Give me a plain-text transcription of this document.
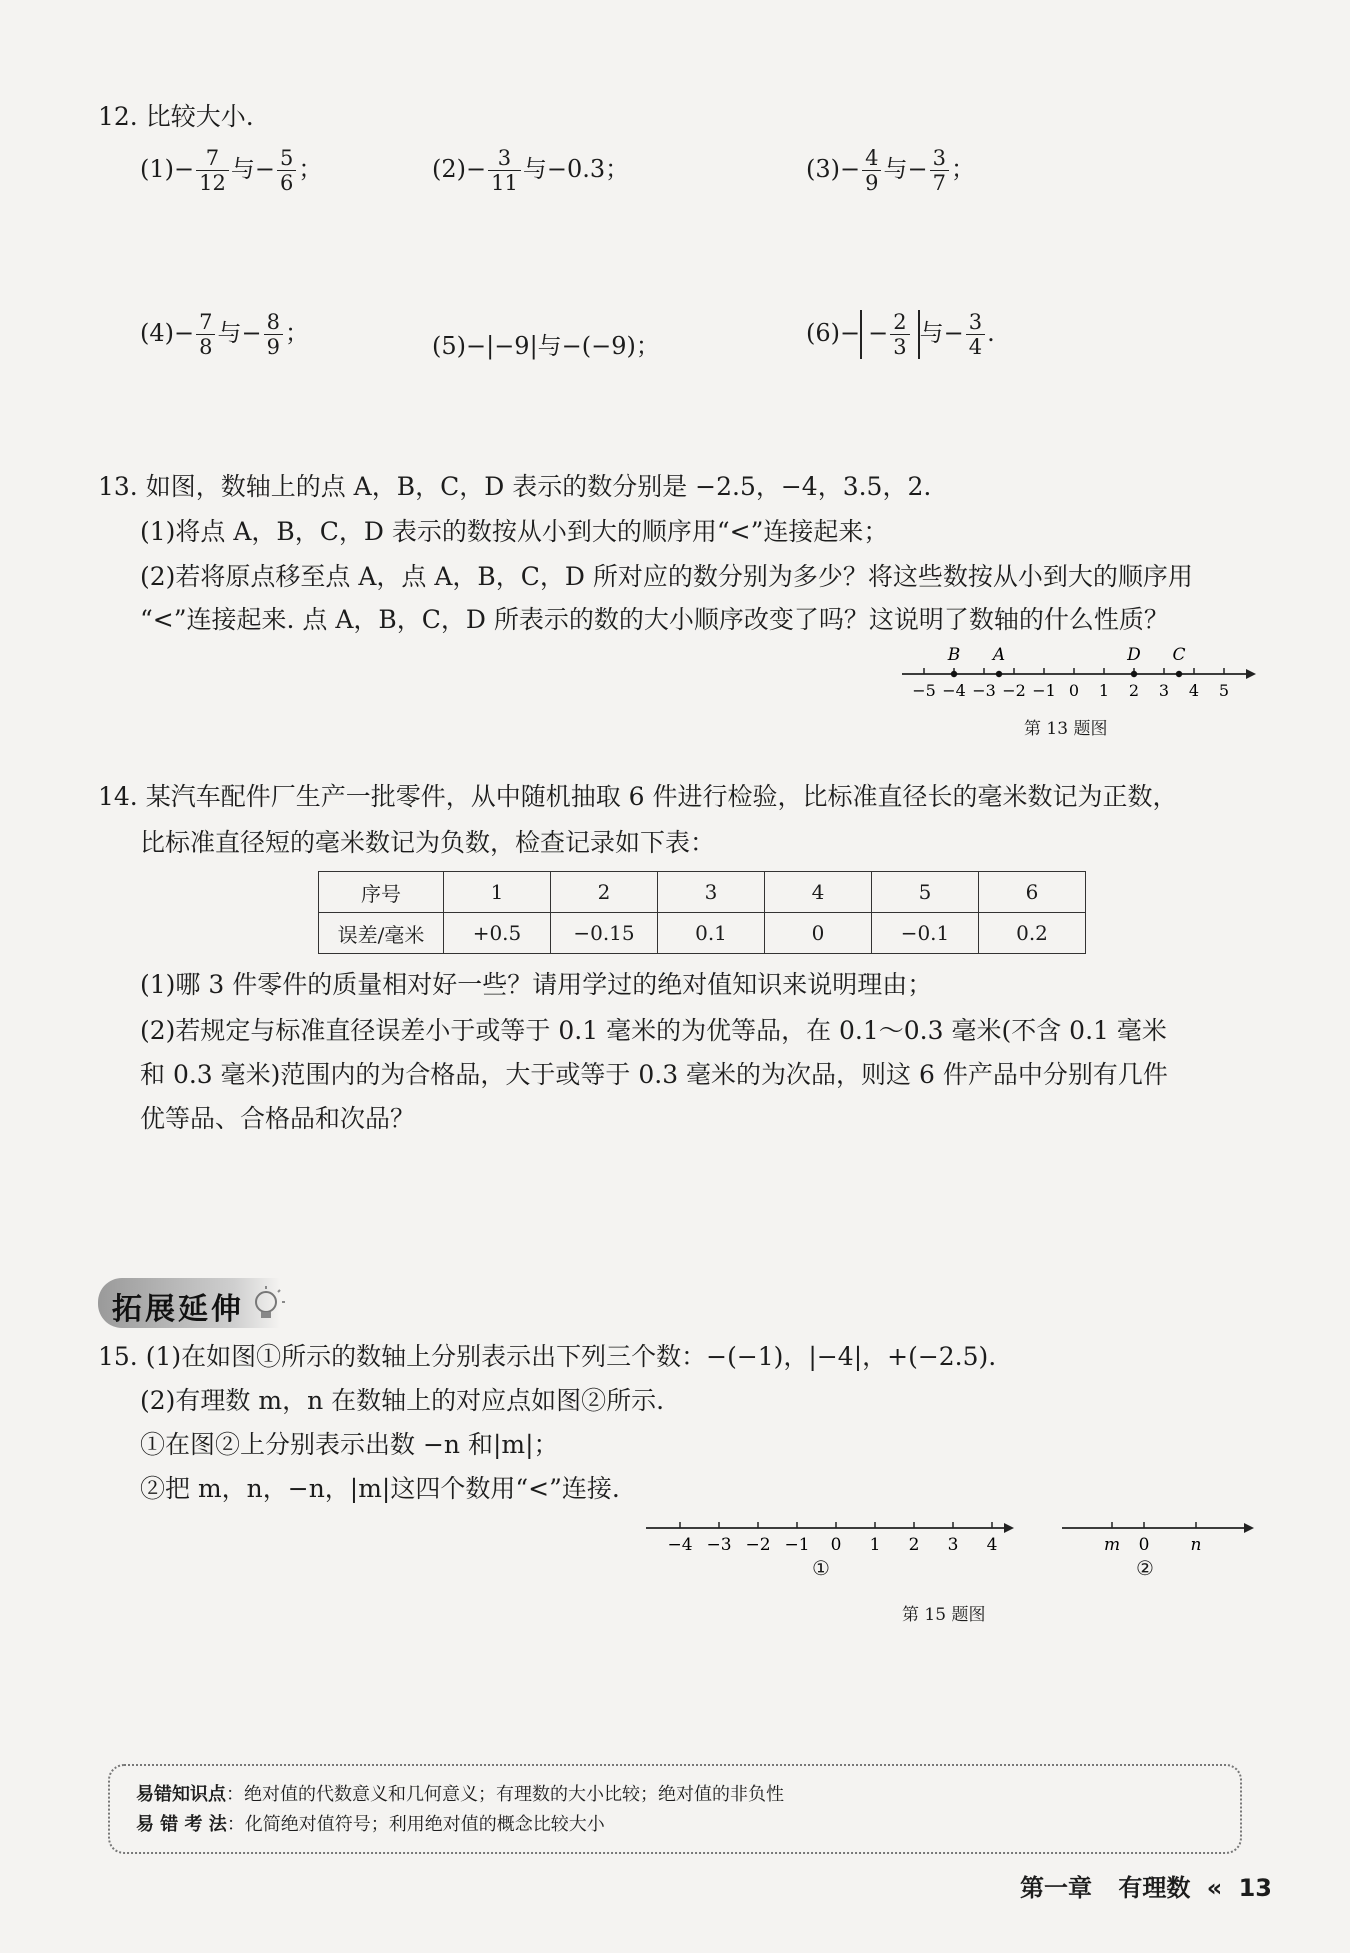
12. 比较大小.
$(1)- \frac{7}{12}$ 与− $\frac{5}{6}$ ；	$(2)- \frac{3}{11}$ 与−0.3；	$(3)- \frac{4}{9}$ 与− $\frac{3}{7}$ ；
$(4)- \frac{7}{8}$ 与− $\frac{8}{9}$ ；	(5)−|−9|与−(−9)；	$(6)- - \frac{2}{3}$ 与− $\frac{3}{4}$ .
13. 如图，数轴上的点 A，B，C，D 表示的数分别是 −2.5，−4，3.5，2.
(1)将点 A，B，C，D 表示的数按从小到大的顺序用“<”连接起来；
(2)若将原点移至点 A，点 A，B，C，D 所对应的数分别为多少？将这些数按从小到大的顺序用
“<”连接起来. 点 A，B，C，D 所表示的数的大小顺序改变了吗？这说明了数轴的什么性质？
−5 −4 −3 −2 −1 0 1 2 3 4 5
B A	D C
第 13 题图
14. 某汽车配件厂生产一批零件，从中随机抽取 6 件进行检验，比标准直径长的毫米数记为正数，
比标准直径短的毫米数记为负数，检查记录如下表：
序号	1	2	3	4	5	6
误差/毫米	+0.5	−0.15	0.1	0	−0.1	0.2
(1)哪 3 件零件的质量相对好一些？请用学过的绝对值知识来说明理由；
(2)若规定与标准直径误差小于或等于 0.1 毫米的为优等品，在 0.1～0.3 毫米(不含 0.1 毫米
和 0.3 毫米)范围内的为合格品，大于或等于 0.3 毫米的为次品，则这 6 件产品中分别有几件
优等品、合格品和次品？
拓展延伸
15. (1)在如图①所示的数轴上分别表示出下列三个数：−(−1)，|−4|，+(−2.5).
(2)有理数 m，n 在数轴上的对应点如图②所示.
①在图②上分别表示出数 −n 和|m|；
②把 m，n，−n，|m|这四个数用“<”连接.
−4 −3 −2 −1 0 1 2 3 4
①
m 0 n
②
第 15 题图
易错知识点：绝对值的代数意义和几何意义；有理数的大小比较；绝对值的非负性
易 错 考 法：化简绝对值符号；利用绝对值的概念比较大小
第一章 有理数 « 13
